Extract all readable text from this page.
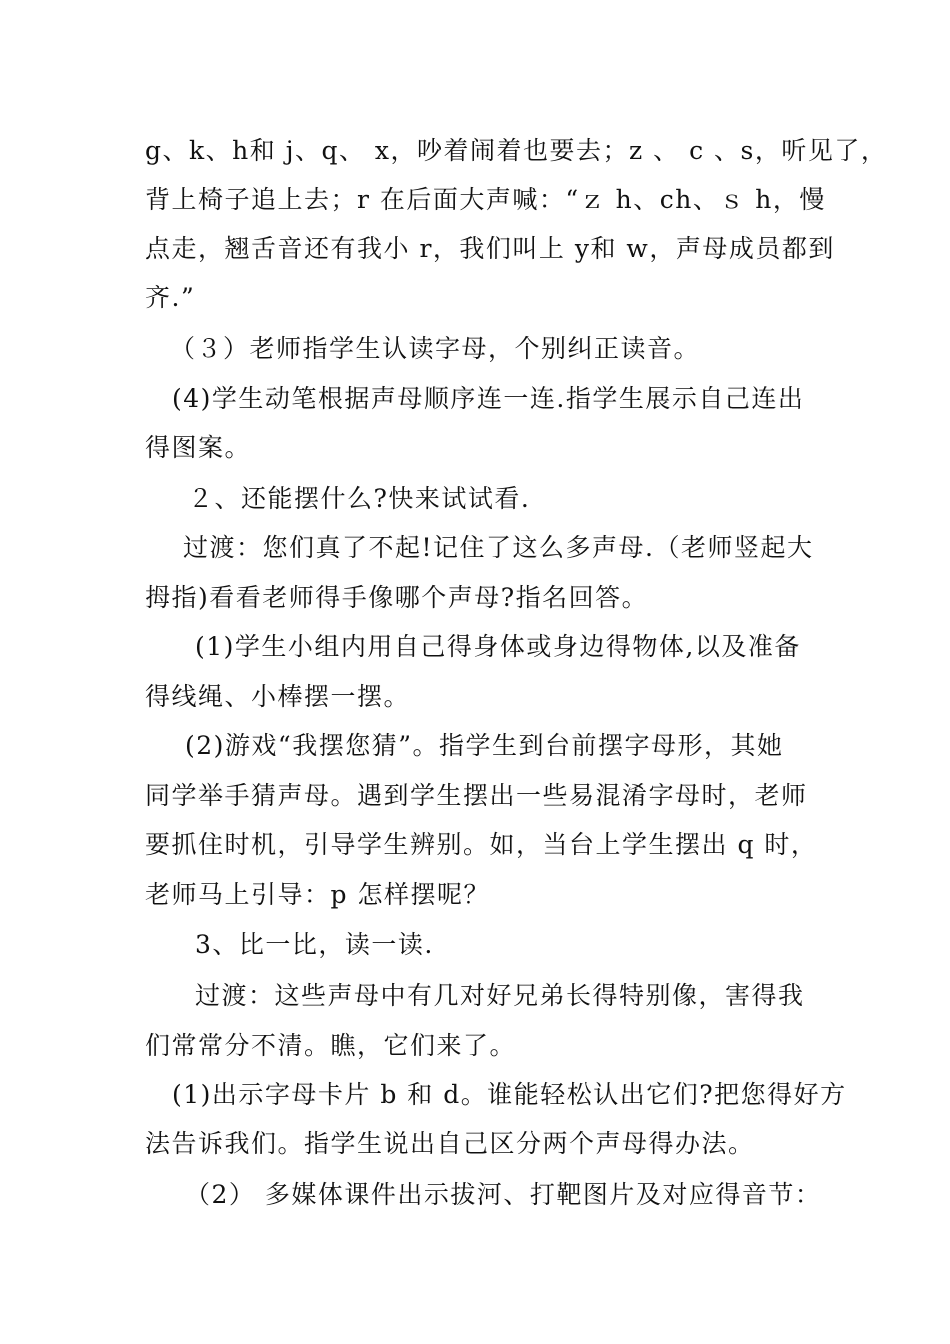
g、k、h和 j、q、 x，吵着闹着也要去；z 、 c 、s，听见了，
背上椅子追上去；r 在后面大声喊：“ｚ h、ch、ｓ h，慢
点走，翘舌音还有我小 r，我们叫上 y和 w，声母成员都到
齐.”
（３）老师指学生认读字母，个别纠正读音。
(4)学生动笔根据声母顺序连一连.指学生展示自己连出
得图案。
２、还能摆什么?快来试试看.
过渡：您们真了不起!记住了这么多声母.（老师竖起大
拇指)看看老师得手像哪个声母?指名回答。
(1)学生小组内用自己得身体或身边得物体,以及准备
得线绳、小棒摆一摆。
(2)游戏“我摆您猜”。指学生到台前摆字母形，其她
同学举手猜声母。遇到学生摆出一些易混淆字母时，老师
要抓住时机，引导学生辨别。如，当台上学生摆出 q 时，
老师马上引导：p 怎样摆呢？
3、比一比，读一读.
过渡：这些声母中有几对好兄弟长得特别像，害得我
们常常分不清。瞧，它们来了。
(1)出示字母卡片 b 和 d。谁能轻松认出它们?把您得好方
法告诉我们。指学生说出自己区分两个声母得办法。
（2） 多媒体课件出示拔河、打靶图片及对应得音节：
